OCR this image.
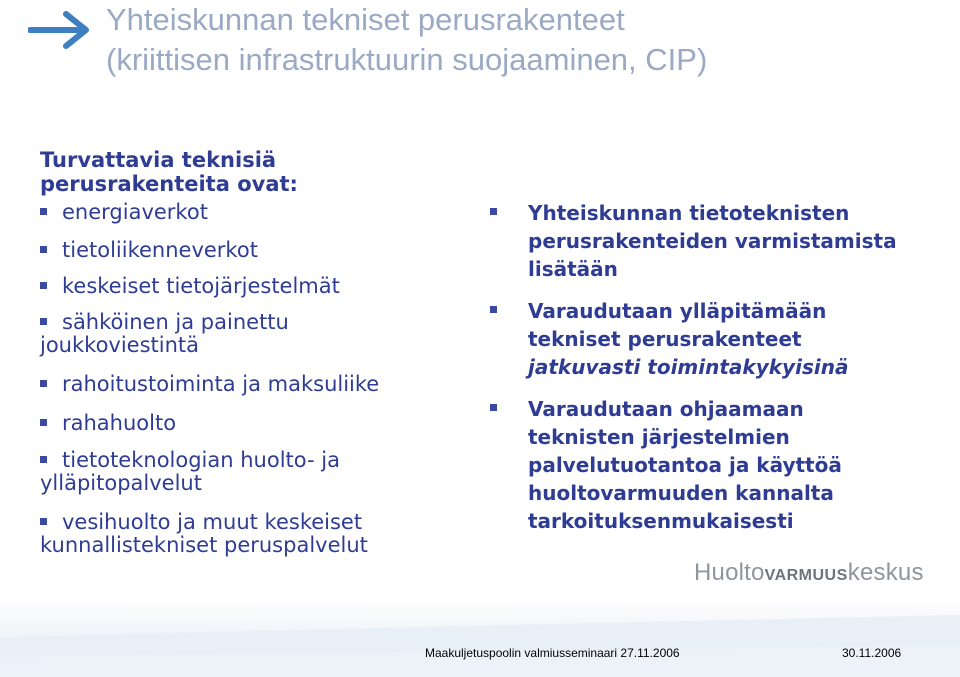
Yhteiskunnan tekniset perusrakenteet
(kriittisen infrastruktuurin suojaaminen, CIP)
Turvattavia teknisiä
perusrakenteita ovat:
energiaverkot
tietoliikenneverkot
keskeiset tietojärjestelmät
sähköinen ja painettu
joukkoviestintä
rahoitustoiminta ja maksuliike
rahahuolto
tietoteknologian huolto- ja
ylläpitopalvelut
vesihuolto ja muut keskeiset
kunnallistekniset peruspalvelut
Yhteiskunnan tietoteknisten
perusrakenteiden varmistamista
lisätään
Varaudutaan ylläpitämään
tekniset perusrakenteet
jatkuvasti toimintakykyisinä
Varaudutaan ohjaamaan
teknisten järjestelmien
palvelutuotantoa ja käyttöä
huoltovarmuuden kannalta
tarkoituksenmukaisesti
HuoltoVARMUUSkeskus
Maakuljetuspoolin valmiusseminaari 27.11.2006	30.11.2006
